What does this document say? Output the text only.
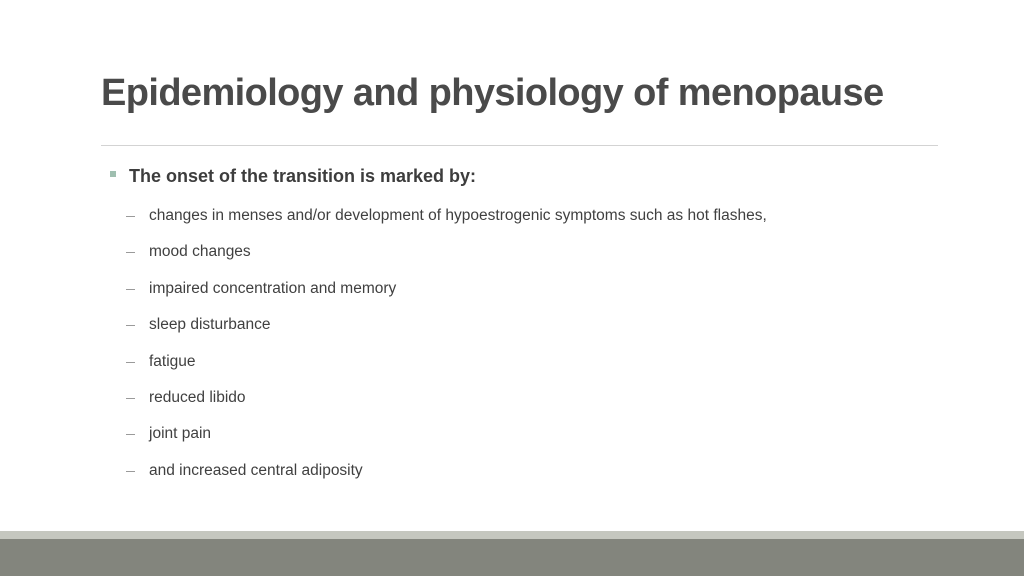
Epidemiology and physiology of menopause
The onset of the transition is marked by:
changes in menses and/or development of hypoestrogenic symptoms such as hot flashes,
mood changes
impaired concentration and memory
sleep disturbance
fatigue
reduced libido
joint pain
and increased central adiposity
